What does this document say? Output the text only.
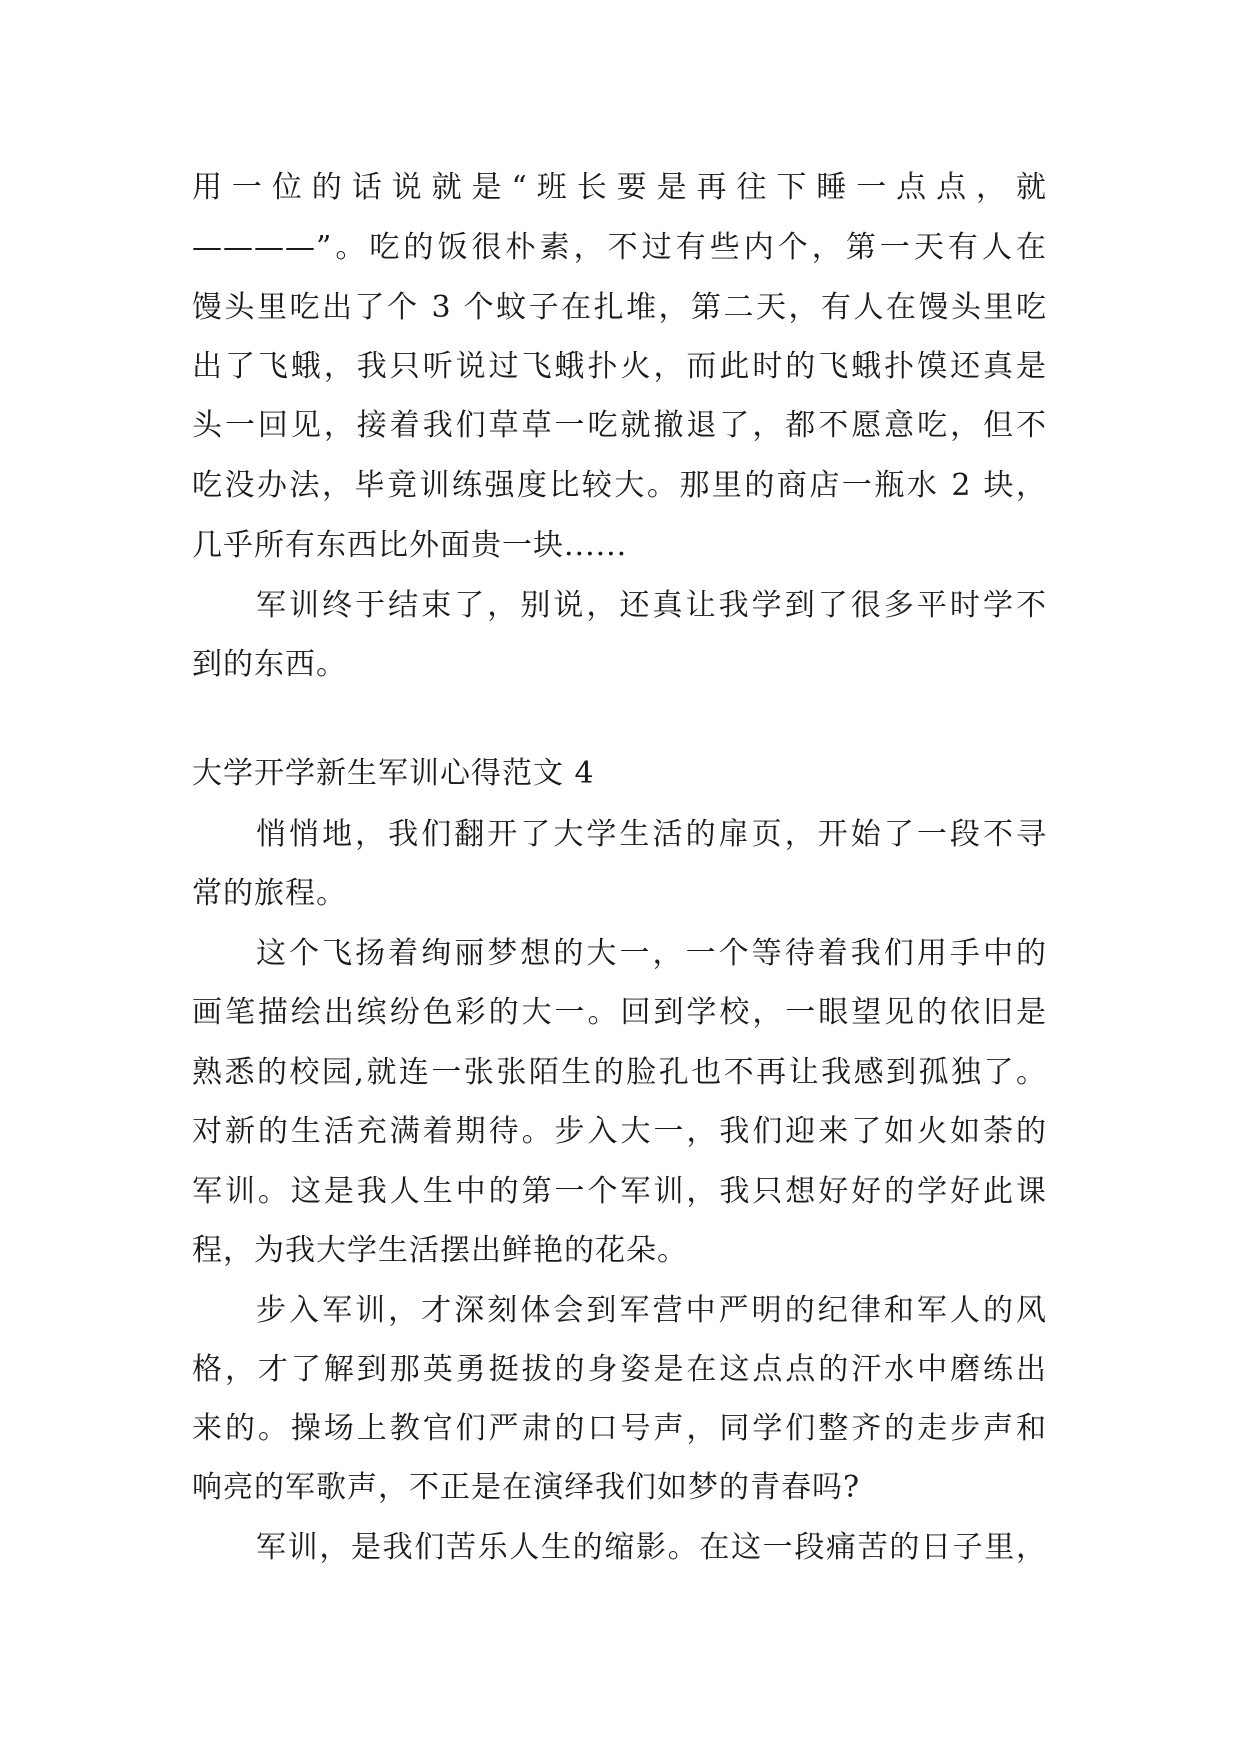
用一位的话说就是“班长要是再往下睡一点点，就
————”。吃的饭很朴素，不过有些内个，第一天有人在
馒头里吃出了个 3 个蚊子在扎堆，第二天，有人在馒头里吃
出了飞蛾，我只听说过飞蛾扑火，而此时的飞蛾扑馍还真是
头一回见，接着我们草草一吃就撤退了，都不愿意吃，但不
吃没办法，毕竟训练强度比较大。那里的商店一瓶水 2 块，
几乎所有东西比外面贵一块......
军训终于结束了，别说，还真让我学到了很多平时学不
到的东西。
大学开学新生军训心得范文 4
悄悄地，我们翻开了大学生活的扉页，开始了一段不寻
常的旅程。
这个飞扬着绚丽梦想的大一，一个等待着我们用手中的
画笔描绘出缤纷色彩的大一。回到学校，一眼望见的依旧是
熟悉的校园,就连一张张陌生的脸孔也不再让我感到孤独了。
对新的生活充满着期待。步入大一，我们迎来了如火如荼的
军训。这是我人生中的第一个军训，我只想好好的学好此课
程，为我大学生活摆出鲜艳的花朵。
步入军训，才深刻体会到军营中严明的纪律和军人的风
格，才了解到那英勇挺拔的身姿是在这点点的汗水中磨练出
来的。操场上教官们严肃的口号声，同学们整齐的走步声和
响亮的军歌声，不正是在演绎我们如梦的青春吗?
军训，是我们苦乐人生的缩影。在这一段痛苦的日子里，
